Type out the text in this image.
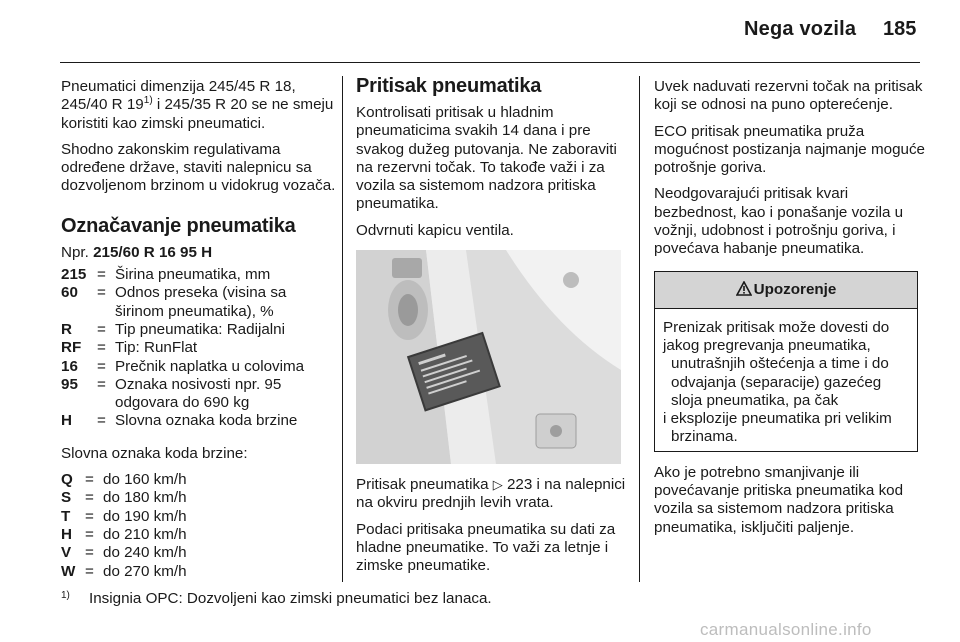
Nega vozila 185

Pneumatici dimenzija 245/45 R 18, 245/40 R 19$^{1)}$ i 245/35 R 20 se ne smeju koristiti kao zimski pneumatici.

Shodno zakonskim regulativama određene države, staviti nalepnicu sa dozvoljenom brzinom u vidokrug vozača.

Označavanje pneumatika
Npr. 215/60 R 16 95 H
215 = Širina pneumatika, mm
60	= Odnos preseka (visina sa širinom pneumatika), %
R	= Tip pneumatika: Radijalni
RF	= Tip: RunFlat
16	= Prečnik naplatka u colovima
95	= Oznaka nosivosti npr. 95 odgovara do 690 kg
H	= Slovna oznaka koda brzine

Slovna oznaka koda brzine:

Q = do 160 km/h
S = do 180 km/h
T = do 190 km/h
H = do 210 km/h
V = do 240 km/h
W = do 270 km/h
Pritisak pneumatika

Kontrolisati pritisak u hladnim pneumaticima svakih 14 dana i pre svakog dužeg putovanja. Ne zaboraviti na rezervni točak. To takođe važi i za vozila sa sistemom nadzora pritiska pneumatika.

Odvrnuti kapicu ventila.

Pritisak pneumatika ▷ 223 i na nalepnici na okviru prednjih levih vrata.

Podaci pritisaka pneumatika su dati za hladne pneumatike. To važi za letnje i zimske pneumatike.

Uvek naduvati rezervni točak na pritisak koji se odnosi na puno opterećenje.

ECO pritisak pneumatika pruža mogućnost postizanja najmanje moguće potrošnje goriva.

Neodgovarajući pritisak kvari bezbednost, kao i ponašanje vozila u vožnji, udobnost i potrošnju goriva, i povećava habanje pneumatika.

Upozorenje

Prenizak pritisak može dovesti do jakog pregrevanja pneumatika,

unutrašnjih oštećenja a time i do odvajanja (separacije) gazećeg sloja pneumatika, pa čak

i eksplozije pneumatika pri velikim

brzinama.

Ako je potrebno smanjivanje ili povećavanje pritiska pneumatika kod vozila sa sistemom nadzora pritiska pneumatika, isključiti paljenje.

1) Insignia OPC: Dozvoljeni kao zimski pneumatici bez lanaca.
carmanualsonline.info
